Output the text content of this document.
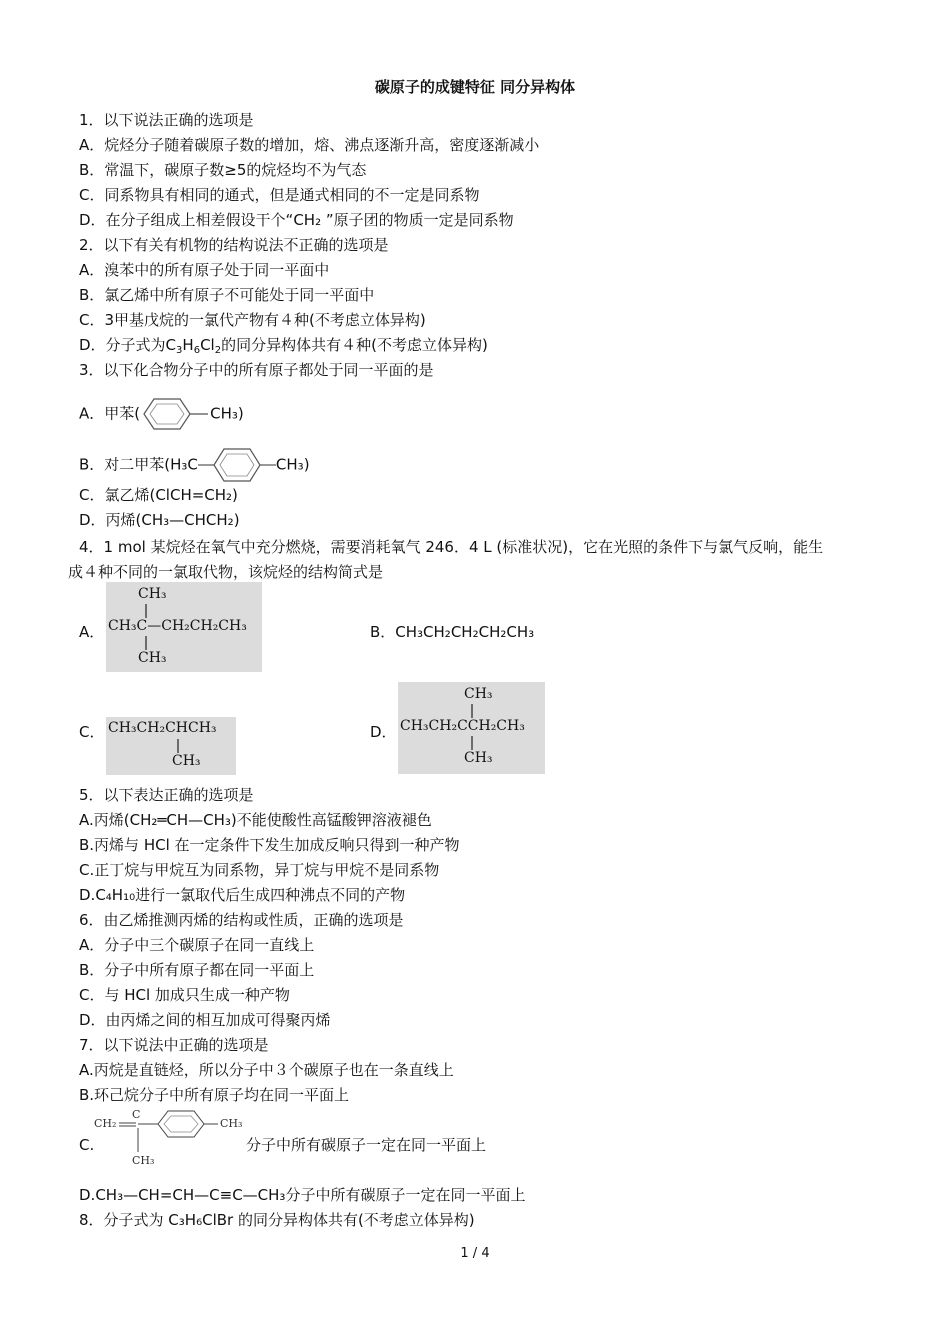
碳原子的成键特征 同分异构体
1．以下说法正确的选项是
A．烷烃分子随着碳原子数的增加，熔、沸点逐渐升高，密度逐渐减小
B．常温下，碳原子数≥5的烷烃均不为气态
C．同系物具有相同的通式，但是通式相同的不一定是同系物
D．在分子组成上相差假设干个“CH₂ ”原子团的物质一定是同系物
2．以下有关有机物的结构说法不正确的选项是
A．溴苯中的所有原子处于同一平面中
B．氯乙烯中所有原子不可能处于同一平面中
C．3甲基戊烷的一氯代产物有４种(不考虑立体异构)
D．分子式为$C_3H_6Cl_2$的同分异构体共有４种(不考虑立体异构)
3．以下化合物分子中的所有原子都处于同一平面的是
A．甲苯(	CH₃)
B．对二甲苯(H₃C	CH₃)
C．氯乙烯(ClCH=CH₂)
D．丙烯(CH₃—CHCH₂)
4．1 mol 某烷烃在氧气中充分燃烧，需要消耗氧气 246．4 L (标准状况)，它在光照的条件下与氯气反响，能生
成４种不同的一氯取代物，该烷烃的结构简式是
A．
CH₃
CH₃C—CH₂CH₂CH₃
CH₃
B．CH₃CH₂CH₂CH₂CH₃
C． CH₃CH₂CHCH₃
CH₃
D．
CH₃
CH₃CH₂CCH₂CH₃
CH₃
5．以下表达正确的选项是
A.丙烯(CH₂═CH—CH₃)不能使酸性高锰酸钾溶液褪色
B.丙烯与 HCl 在一定条件下发生加成反响只得到一种产物
C.正丁烷与甲烷互为同系物，异丁烷与甲烷不是同系物
D.C₄H₁₀进行一氯取代后生成四种沸点不同的产物
6．由乙烯推测丙烯的结构或性质，正确的选项是
A．分子中三个碳原子在同一直线上
B．分子中所有原子都在同一平面上
C．与 HCl 加成只生成一种产物
D．由丙烯之间的相互加成可得聚丙烯
7．以下说法中正确的选项是
A.丙烷是直链烃，所以分子中３个碳原子也在一条直线上
B.环己烷分子中所有原子均在同一平面上
C.
CH₂
C
CH₃
CH₃
分子中所有碳原子一定在同一平面上
D.CH₃—CH=CH—C≡C—CH₃分子中所有碳原子一定在同一平面上
8．分子式为 C₃H₆ClBr 的同分异构体共有(不考虑立体异构)
1 / 4
